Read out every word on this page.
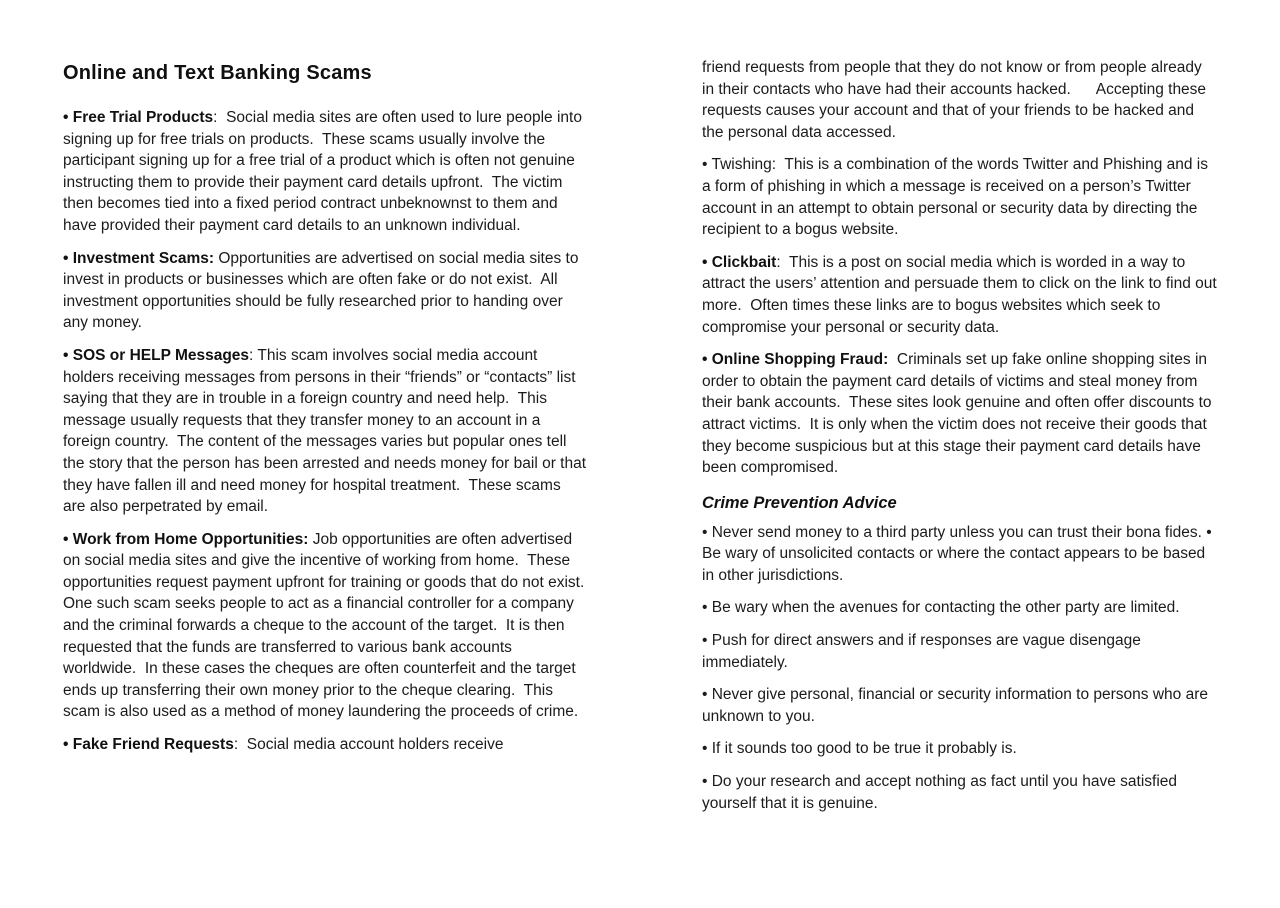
Online and Text Banking Scams

• Free Trial Products:  Social media sites are often used to lure people into signing up for free trials on products.  These scams usually involve the participant signing up for a free trial of a product which is often not genuine instructing them to provide their payment card details upfront.  The victim then becomes tied into a fixed period contract unbeknownst to them and have provided their payment card details to an unknown individual.

• Investment Scams: Opportunities are advertised on social media sites to invest in products or businesses which are often fake or do not exist.  All investment opportunities should be fully researched prior to handing over any money.

• SOS or HELP Messages: This scam involves social media account holders receiving messages from persons in their “friends” or “contacts” list saying that they are in trouble in a foreign country and need help.  This message usually requests that they transfer money to an account in a foreign country.  The content of the messages varies but popular ones tell the story that the person has been arrested and needs money for bail or that they have fallen ill and need money for hospital treatment.  These scams are also perpetrated by email.

• Work from Home Opportunities: Job opportunities are often advertised on social media sites and give the incentive of working from home.  These opportunities request payment upfront for training or goods that do not exist.  One such scam seeks people to act as a financial controller for a company and the criminal forwards a cheque to the account of the target.  It is then requested that the funds are transferred to various bank accounts worldwide.  In these cases the cheques are often counterfeit and the target ends up transferring their own money prior to the cheque clearing.  This scam is also used as a method of money laundering the proceeds of crime.

• Fake Friend Requests:  Social media account holders receive

friend requests from people that they do not know or from people already in their contacts who have had their accounts hacked.      Accepting these requests causes your account and that of your friends to be hacked and the personal data accessed.

• Twishing:  This is a combination of the words Twitter and Phishing and is a form of phishing in which a message is received on a person’s Twitter account in an attempt to obtain personal or security data by directing the recipient to a bogus website.

• Clickbait:  This is a post on social media which is worded in a way to attract the users’ attention and persuade them to click on the link to find out more.  Often times these links are to bogus websites which seek to compromise your personal or security data.

• Online Shopping Fraud: Criminals set up fake online shopping sites in order to obtain the payment card details of victims and steal money from their bank accounts.  These sites look genuine and often offer discounts to attract victims.  It is only when the victim does not receive their goods that they become suspicious but at this stage their payment card details have been compromised.

Crime Prevention Advice

• Never send money to a third party unless you can trust their bona fides. • Be wary of unsolicited contacts or where the contact appears to be based in other jurisdictions.

• Be wary when the avenues for contacting the other party are limited.

• Push for direct answers and if responses are vague disengage immediately.

• Never give personal, financial or security information to persons who are unknown to you.

• If it sounds too good to be true it probably is.

• Do your research and accept nothing as fact until you have satisfied yourself that it is genuine.
